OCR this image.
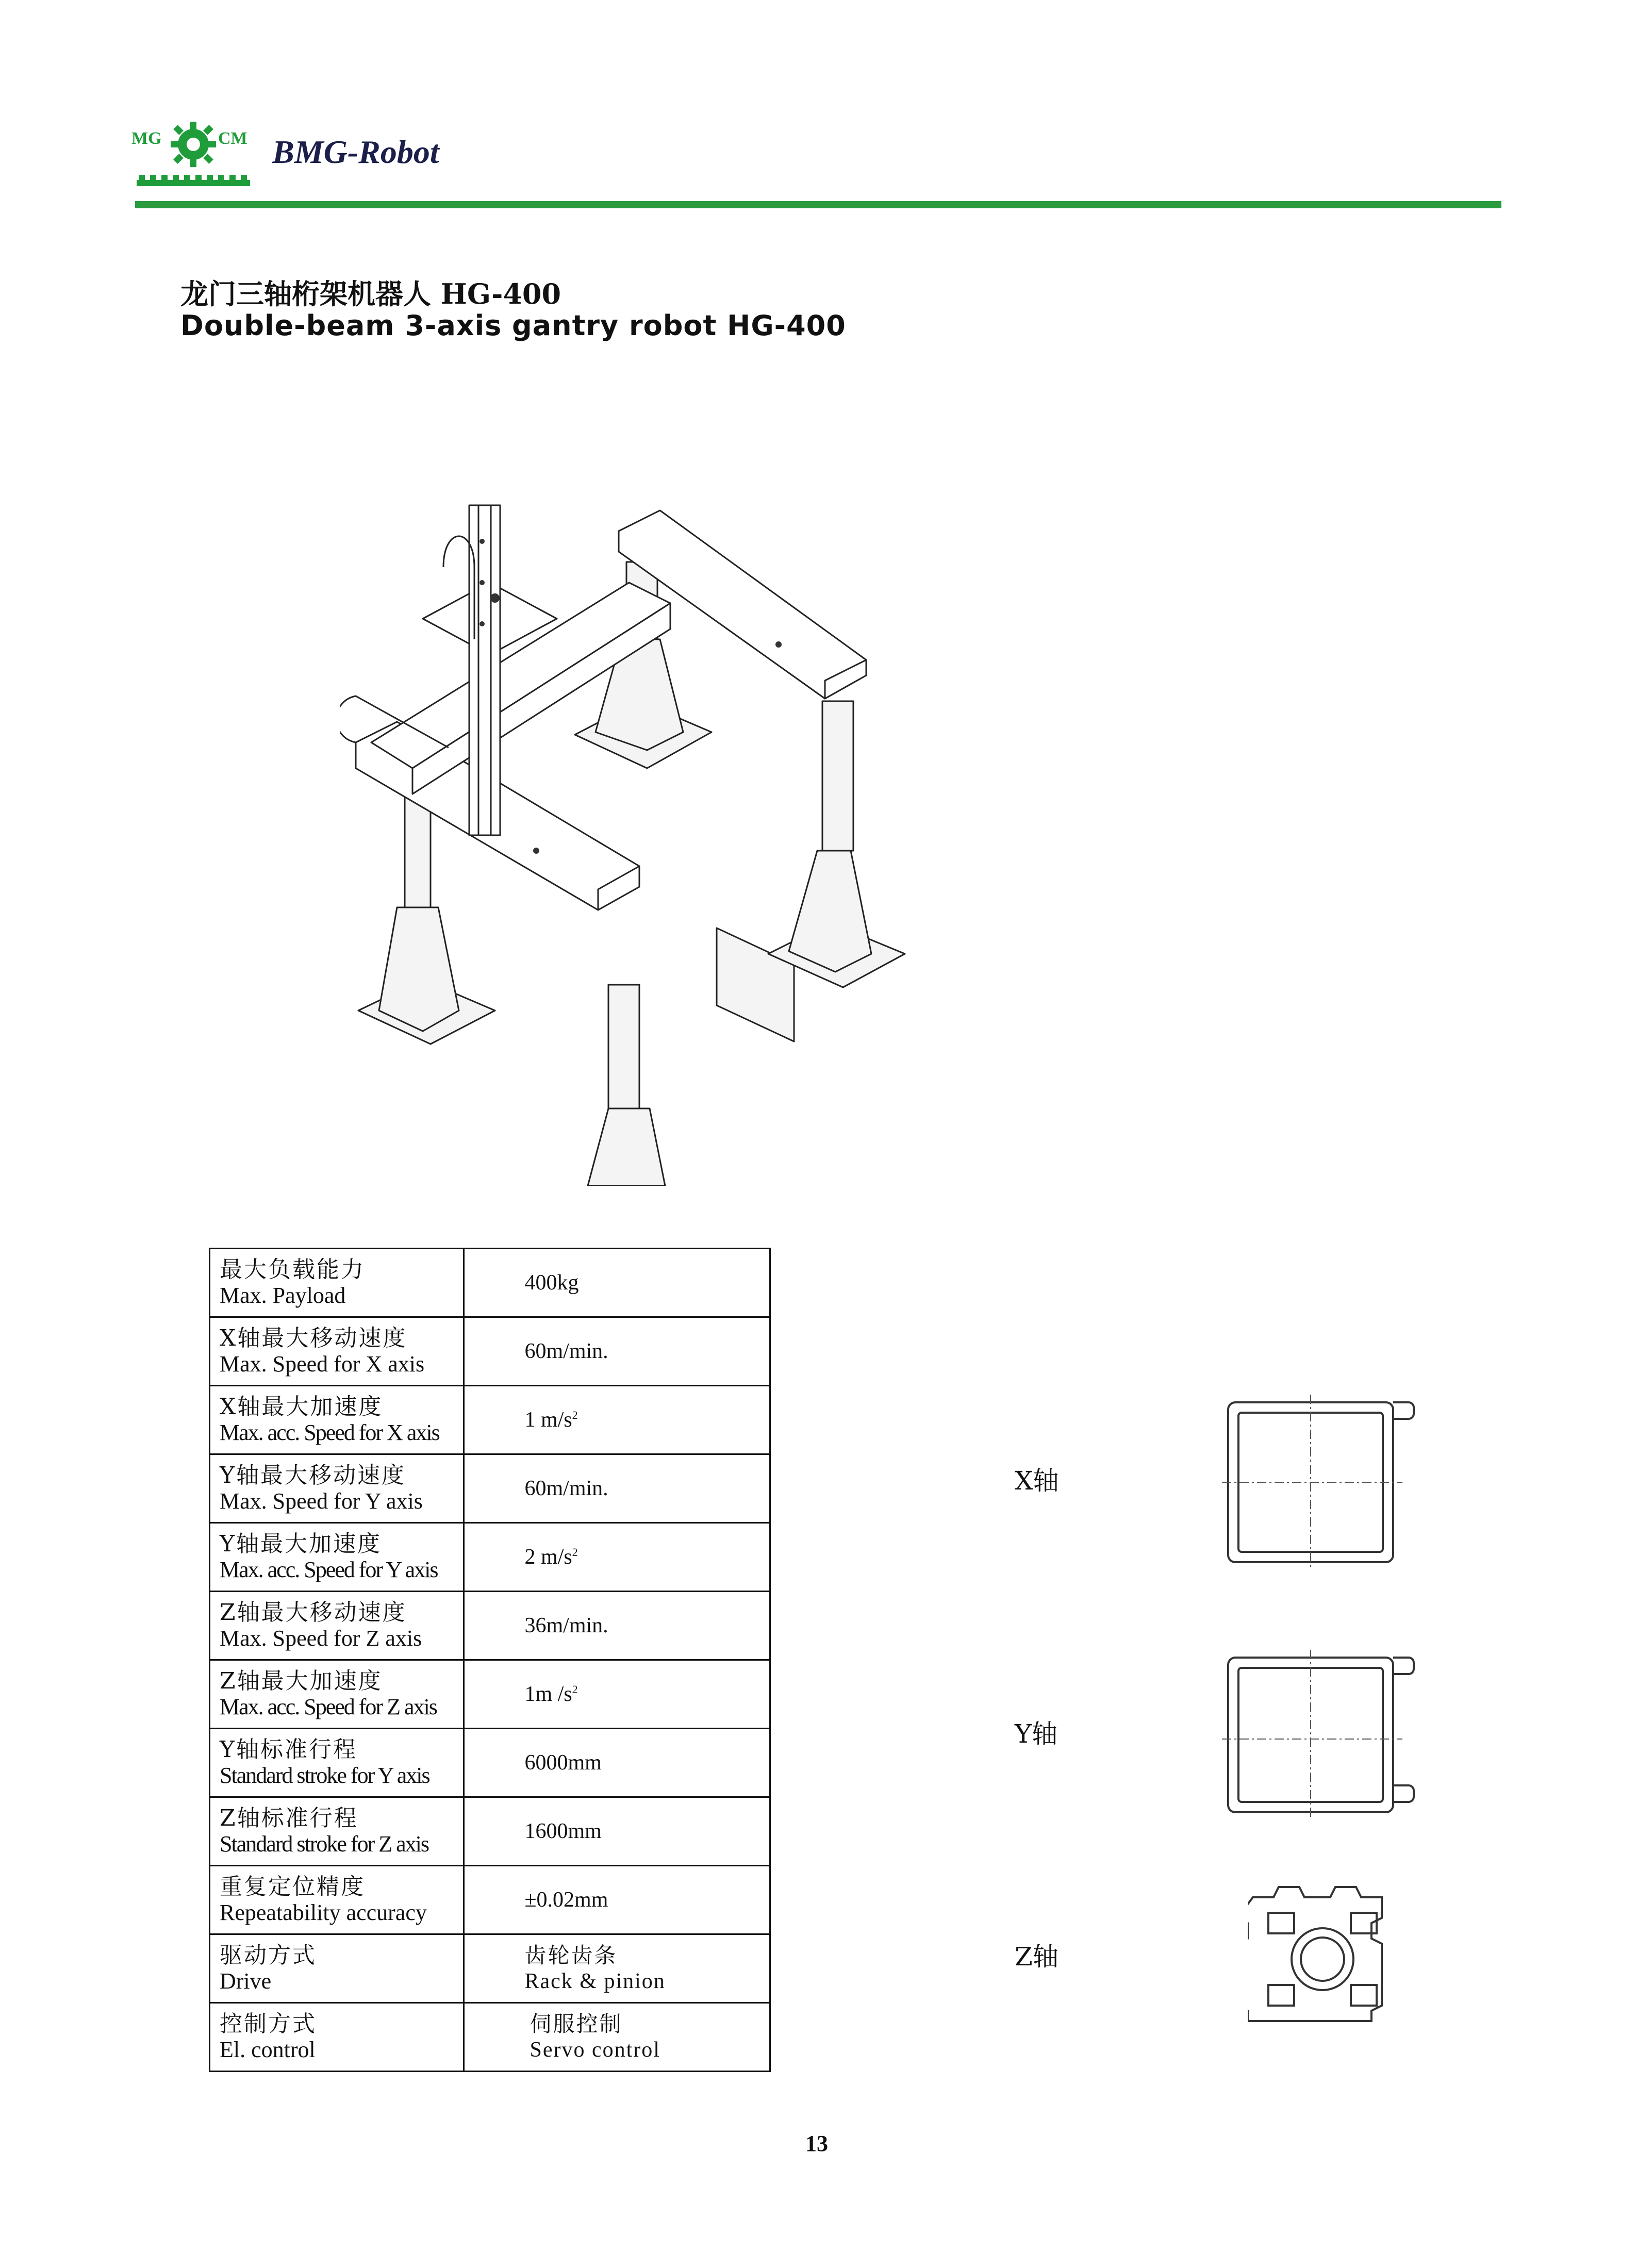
MG	CM BMG-Robot
龙门三轴桁架机器人 HG-400
Double-beam 3-axis gantry robot HG-400
最大负载能力
Max. Payload	400kg

X轴最大移动速度
Max. Speed for X axis	60m/min.

X轴最大加速度
Max. acc. Speed for X axis	1 $m/s^2$

Y轴最大移动速度
Max. Speed for Y axis	60m/min.

Y轴最大加速度
Max. acc. Speed for Y axis	2 $m/s^2$

Z轴最大移动速度
Max. Speed for Z axis	36m/min.

Z轴最大加速度
Max. acc. Speed for Z axis	1m $/s^2$

Y轴标准行程
Standard stroke for Y axis	6000mm

Z轴标准行程
Standard stroke for Z axis	1600mm

重复定位精度
Repeatability accuracy	±0.02mm

驱动方式
Drive	齿轮齿条
Rack & pinion

控制方式
El. control	伺服控制
Servo control
X轴
Y轴
Z轴
13
